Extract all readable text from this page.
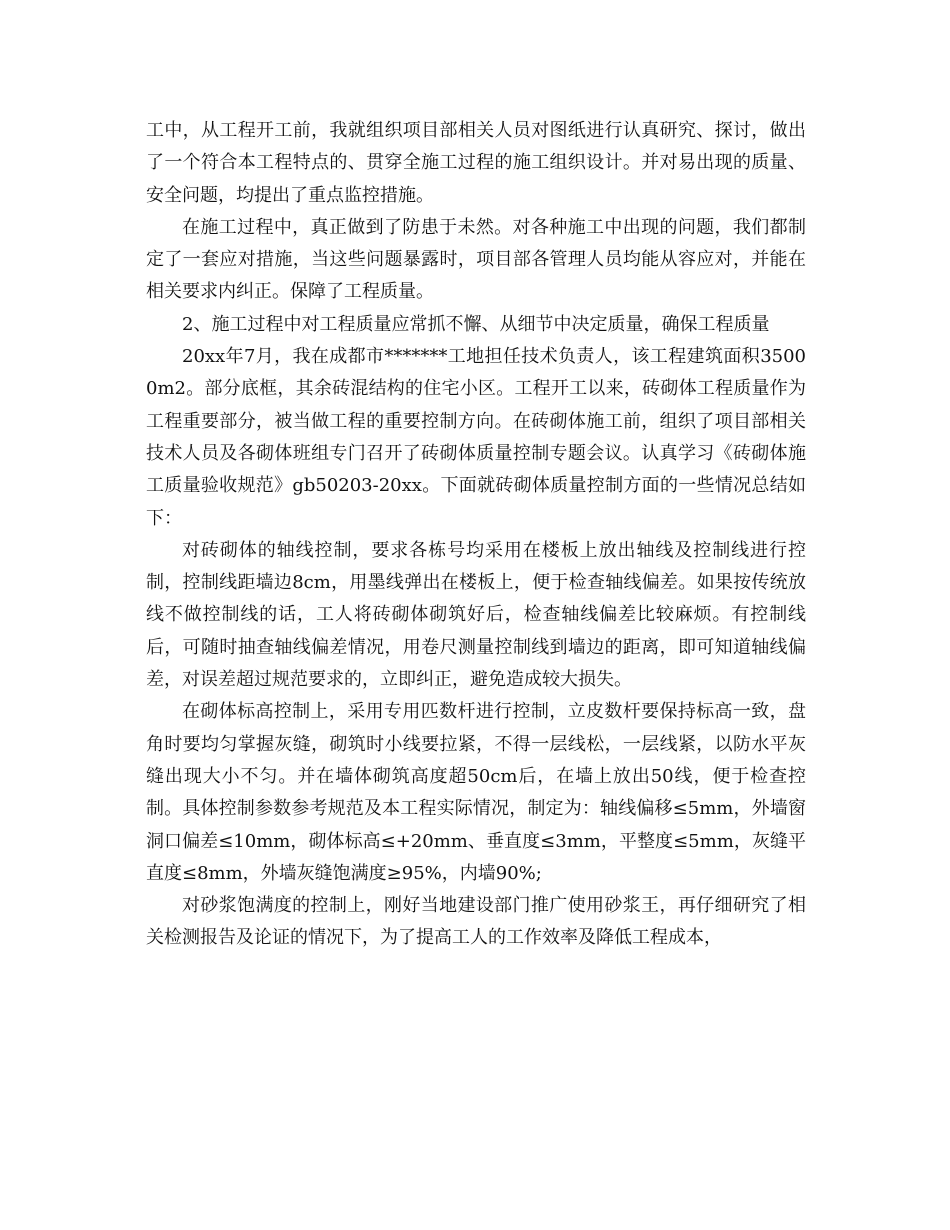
工中，从工程开工前，我就组织项目部相关人员对图纸进行认真研究、探讨，做出了一个符合本工程特点的、贯穿全施工过程的施工组织设计。并对易出现的质量、安全问题，均提出了重点监控措施。

在施工过程中，真正做到了防患于未然。对各种施工中出现的问题，我们都制定了一套应对措施，当这些问题暴露时，项目部各管理人员均能从容应对，并能在相关要求内纠正。保障了工程质量。

2、施工过程中对工程质量应常抓不懈、从细节中决定质量，确保工程质量

20xx年7月，我在成都市*******工地担任技术负责人，该工程建筑面积35000m2。部分底框，其余砖混结构的住宅小区。工程开工以来，砖砌体工程质量作为工程重要部分，被当做工程的重要控制方向。在砖砌体施工前，组织了项目部相关技术人员及各砌体班组专门召开了砖砌体质量控制专题会议。认真学习《砖砌体施工质量验收规范》gb50203-20xx。下面就砖砌体质量控制方面的一些情况总结如下：

对砖砌体的轴线控制，要求各栋号均采用在楼板上放出轴线及控制线进行控制，控制线距墙边8cm，用墨线弹出在楼板上，便于检查轴线偏差。如果按传统放线不做控制线的话，工人将砖砌体砌筑好后，检查轴线偏差比较麻烦。有控制线后，可随时抽查轴线偏差情况，用卷尺测量控制线到墙边的距离，即可知道轴线偏差，对误差超过规范要求的，立即纠正，避免造成较大损失。

在砌体标高控制上，采用专用匹数杆进行控制，立皮数杆要保持标高一致，盘角时要均匀掌握灰缝，砌筑时小线要拉紧，不得一层线松，一层线紧，以防水平灰缝出现大小不匀。并在墙体砌筑高度超50cm后，在墙上放出50线，便于检查控制。具体控制参数参考规范及本工程实际情况，制定为：轴线偏移≤5mm，外墙窗洞口偏差≤10mm，砌体标高≤+20mm、垂直度≤3mm，平整度≤5mm，灰缝平直度≤8mm，外墙灰缝饱满度≥95%，内墙90%;

对砂浆饱满度的控制上，刚好当地建设部门推广使用砂浆王，再仔细研究了相关检测报告及论证的情况下，为了提高工人的工作效率及降低工程成本，
